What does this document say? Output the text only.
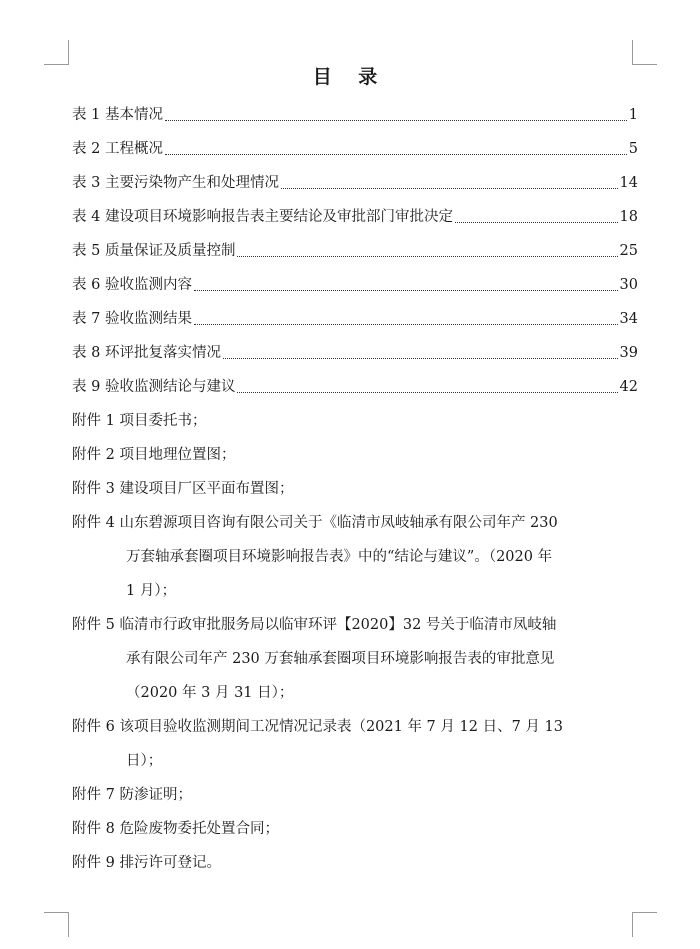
目 录
表 1 基本情况	1
表 2 工程概况	5
表 3 主要污染物产生和处理情况	14
表 4 建设项目环境影响报告表主要结论及审批部门审批决定	18
表 5 质量保证及质量控制	25
表 6 验收监测内容	30
表 7 验收监测结果	34
表 8 环评批复落实情况	39
表 9 验收监测结论与建议	42
附件 1 项目委托书；
附件 2 项目地理位置图；
附件 3 建设项目厂区平面布置图；
附件 4 山东碧源项目咨询有限公司关于《临清市凤岐轴承有限公司年产 230
万套轴承套圈项目环境影响报告表》中的“结论与建议”。（2020 年
1 月）；
附件 5 临清市行政审批服务局以临审环评【2020】32 号关于临清市凤岐轴
承有限公司年产 230 万套轴承套圈项目环境影响报告表的审批意见
（2020 年 3 月 31 日）；
附件 6 该项目验收监测期间工况情况记录表（2021 年 7 月 12 日、7 月 13
日）；
附件 7 防渗证明；
附件 8 危险废物委托处置合同；
附件 9 排污许可登记。
